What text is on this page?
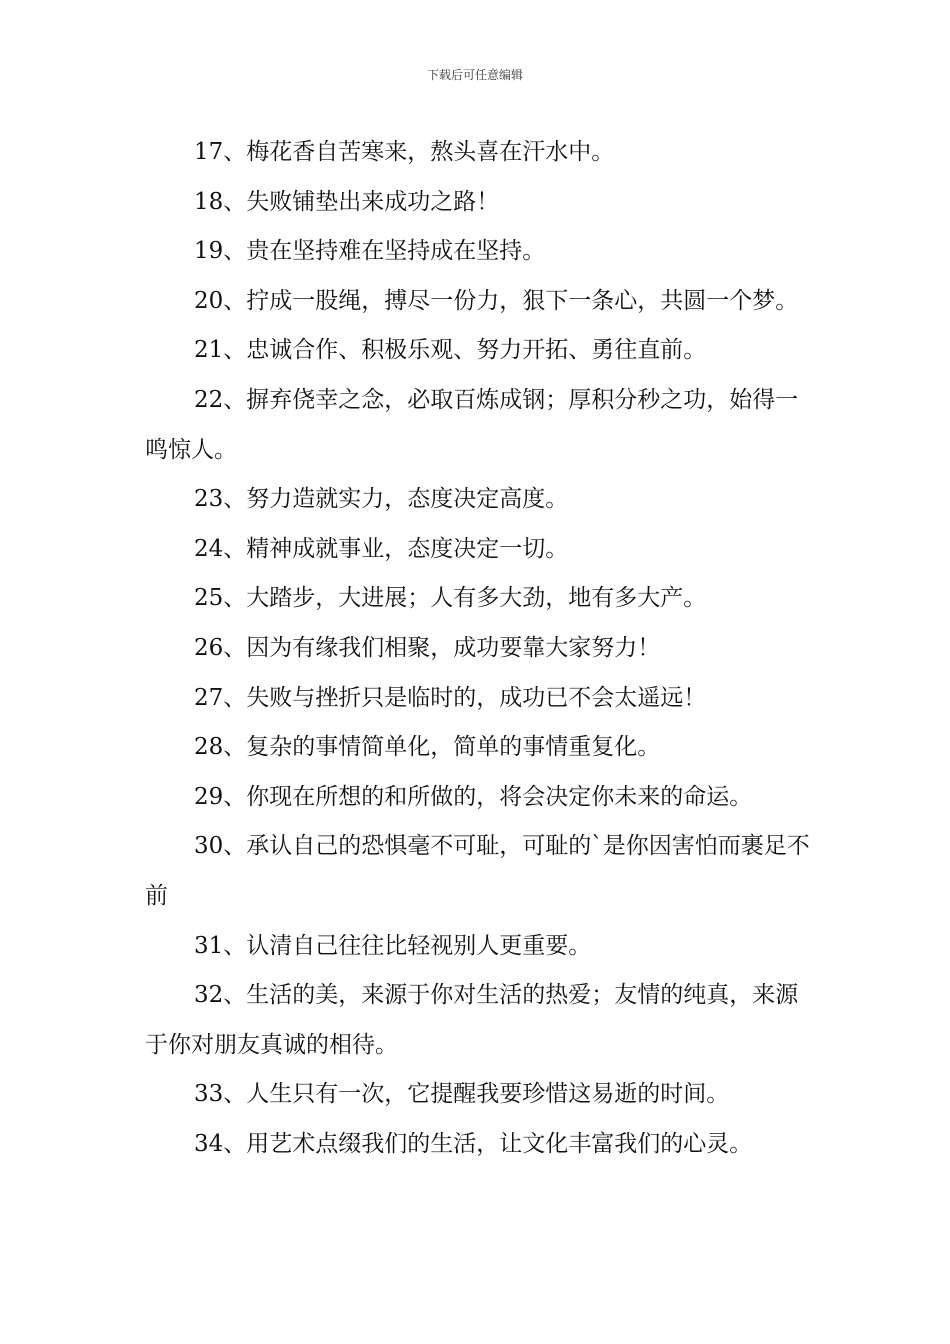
下载后可任意编辑

17、梅花香自苦寒来，熬头喜在汗水中。

18、失败铺垫出来成功之路！

19、贵在坚持难在坚持成在坚持。

20、拧成一股绳，搏尽一份力，狠下一条心，共圆一个梦。

21、忠诚合作、积极乐观、努力开拓、勇往直前。

22、摒弃侥幸之念，必取百炼成钢；厚积分秒之功，始得一鸣惊人。

23、努力造就实力，态度决定高度。

24、精神成就事业，态度决定一切。

25、大踏步，大进展；人有多大劲，地有多大产。

26、因为有缘我们相聚，成功要靠大家努力！

27、失败与挫折只是临时的，成功已不会太遥远！

28、复杂的事情简单化，简单的事情重复化。

29、你现在所想的和所做的，将会决定你未来的命运。

30、承认自己的恐惧毫不可耻，可耻的`是你因害怕而裹足不前

31、认清自己往往比轻视别人更重要。

32、生活的美，来源于你对生活的热爱；友情的纯真，来源于你对朋友真诚的相待。

33、人生只有一次，它提醒我要珍惜这易逝的时间。

34、用艺术点缀我们的生活，让文化丰富我们的心灵。
